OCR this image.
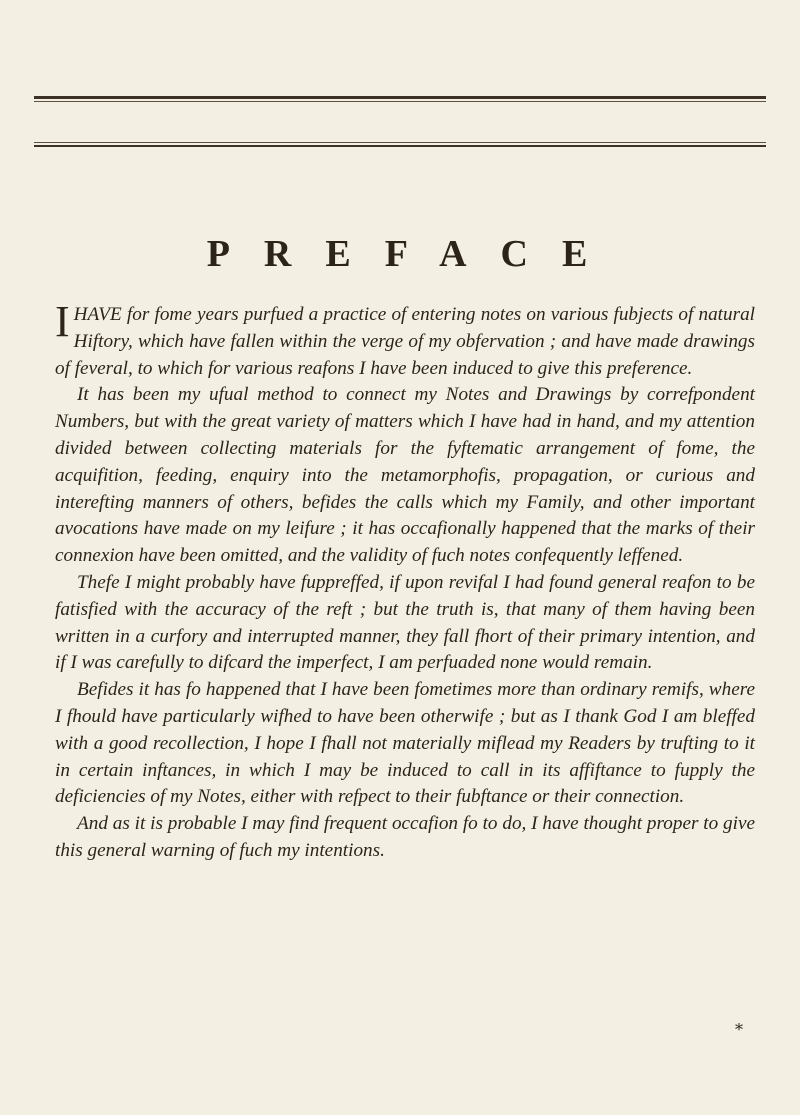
PREFACE

IHAVE for fome years purfued a practice of entering notes on various fubjects of natural Hiftory, which have fallen within the verge of my obfervation ; and have made drawings of feveral, to which for various reafons I have been induced to give this preference.

It has been my ufual method to connect my Notes and Drawings by correfpondent Numbers, but with the great variety of matters which I have had in hand, and my attention divided between collecting materials for the fyftematic arrangement of fome, the acquifition, feeding, enquiry into the metamorphofis, propagation, or curious and interefting manners of others, befides the calls which my Family, and other important avocations have made on my leifure ; it has occafionally happened that the marks of their connexion have been omitted, and the validity of fuch notes confequently leffened.

Thefe I might probably have fuppreffed, if upon revifal I had found general reafon to be fatisfied with the accuracy of the reft ; but the truth is, that many of them having been written in a curfory and interrupted manner, they fall fhort of their primary intention, and if I was carefully to difcard the imperfect, I am perfuaded none would remain.

Befides it has fo happened that I have been fometimes more than ordinary remifs, where I fhould have particularly wifhed to have been otherwife ; but as I thank God I am bleffed with a good recollection, I hope I fhall not materially miflead my Readers by trufting to it in certain inftances, in which I may be induced to call in its affiftance to fupply the deficiencies of my Notes, either with refpect to their fubftance or their connection.

And as it is probable I may find frequent occafion fo to do, I have thought proper to give this general warning of fuch my intentions.

*
